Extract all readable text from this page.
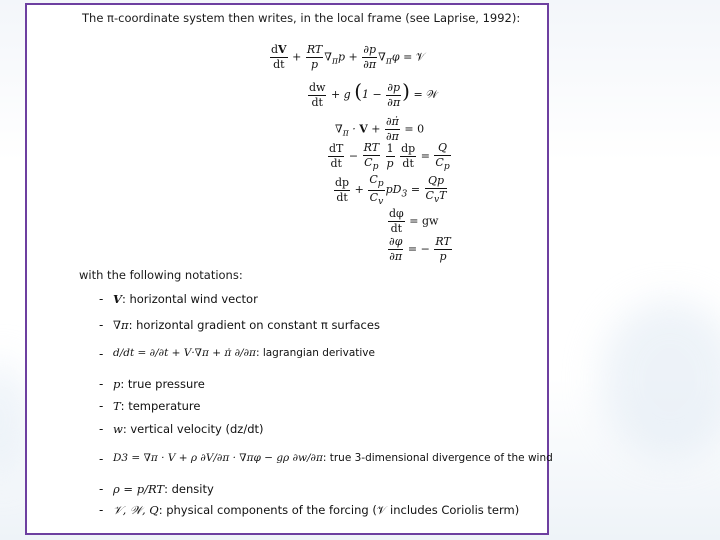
The π-coordinate system then writes, in the local frame (see Laprise, 1992):
$\frac{dV}{dt} + \frac{RT}{p} \nabla_\pi p + \frac{\partial p}{\partial\pi} \nabla_\pi\varphi$ = 𝒱
$\frac{dw}{dt} + g$ ($1 - \frac{\partial p}{\partial\pi}$ ) = 𝒲
$\nabla_\pi \cdot V + \frac{\partial\pi̇}{\partial\pi} = 0$
$\frac{dT}{dt} - \frac{RT}{C_p}$
$\frac{1}{p}$
$\frac{dp}{dt} = \frac{Q}{C_p}$
$\frac{dp}{dt} + \frac{C_p}{C_v} pD_3 = \frac{Qp}{C_vT}$
$\frac{d\varphi}{dt}$ = gw
$\frac{\partial\varphi}{\partial\pi}$ = − $\frac{RT}{p}$
with the following notations:
- V: horizontal wind vector
- ∇π: horizontal gradient on constant π surfaces
- d/dt = ∂/∂t + V·∇π + π̇ ∂/∂π: lagrangian derivative
- p: true pressure
- T: temperature
- w: vertical velocity (dz/dt)
- D3 = ∇π · V + ρ ∂V/∂π · ∇πφ − gρ ∂w/∂π: true 3-dimensional divergence of the wind
- ρ = p/RT: density
- 𝒱, 𝒲, Q: physical components of the forcing (𝒱 includes Coriolis term)
